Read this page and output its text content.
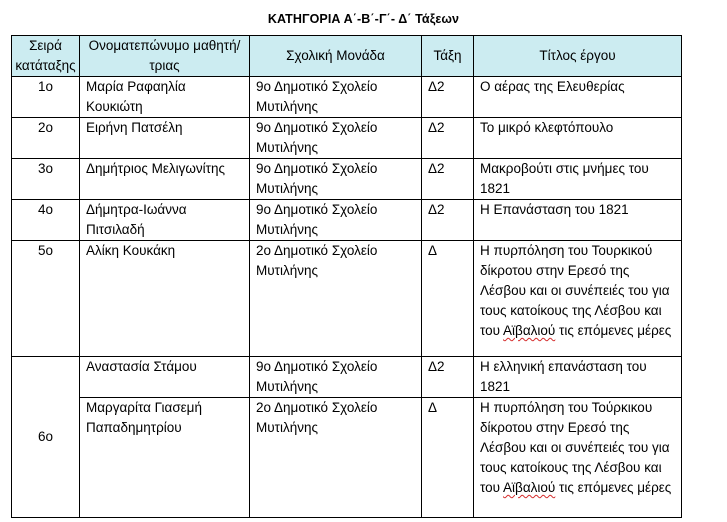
ΚΑΤΗΓΟΡΙΑ Α΄-Β΄-Γ΄- Δ΄ Τάξεων
Σειρά κατάταξης	Ονοματεπώνυμο μαθητή/τριας	Σχολική Μονάδα	Τάξη	Τίτλος έργου
1ο	Μαρία Ραφαηλία Κουκιώτη	9ο Δημοτικό Σχολείο Μυτιλήνης	Δ2	Ο αέρας της Ελευθερίας
2ο	Ειρήνη Πατσέλη	9ο Δημοτικό Σχολείο Μυτιλήνης	Δ2	Το μικρό κλεφτόπουλο
3ο	Δημήτριος Μελιγωνίτης	9ο Δημοτικό Σχολείο Μυτιλήνης	Δ2	Μακροβούτι στις μνήμες του 1821
4ο	Δήμητρα-Ιωάννα Πιτσιλαδή	9ο Δημοτικό Σχολείο Μυτιλήνης	Δ2	Η Επανάσταση του 1821
5ο	Αλίκη Κουκάκη	2ο Δημοτικό Σχολείο Μυτιλήνης	Δ	Η πυρπόληση του Τουρκικού δίκροτου στην Ερεσό της Λέσβου και οι συνέπειές του για τους κατοίκους της Λέσβου και του Αϊβαλιού τις επόμενες μέρες
6ο	Αναστασία Στάμου	9ο Δημοτικό Σχολείο Μυτιλήνης	Δ2	Η ελληνική επανάσταση του 1821
	Μαργαρίτα Γιασεμή Παπαδημητρίου	2ο Δημοτικό Σχολείο Μυτιλήνης	Δ	Η πυρπόληση του Τούρκικου δίκροτου στην Ερεσό της Λέσβου και οι συνέπειές του για τους κατοίκους της Λέσβου και του Αϊβαλιού τις επόμενες μέρες
